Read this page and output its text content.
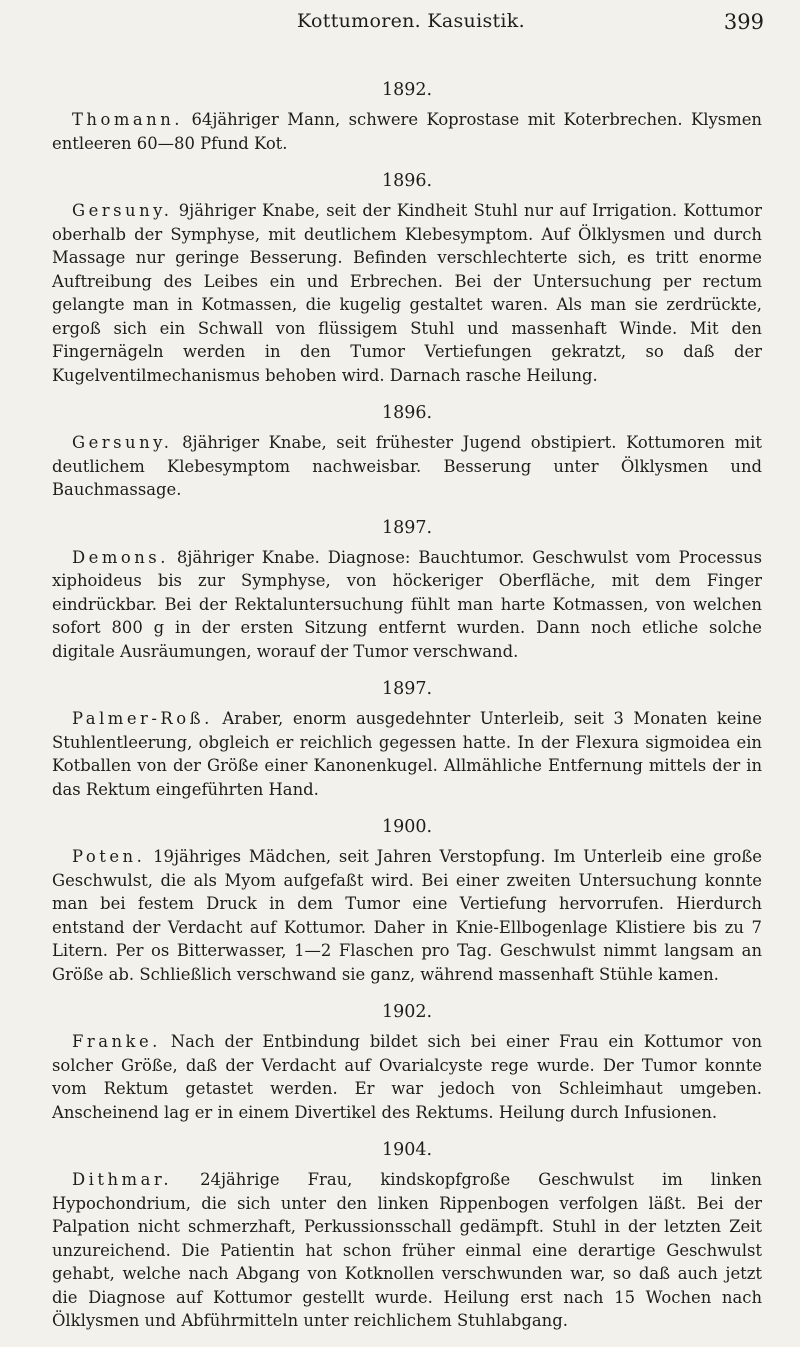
Kottumoren. Kasuistik.	399
1892.

Thomann. 64jähriger Mann, schwere Koprostase mit Koterbrechen. Klysmen entleeren 60—80 Pfund Kot.

1896.

Gersuny. 9jähriger Knabe, seit der Kindheit Stuhl nur auf Irrigation. Kottumor oberhalb der Symphyse, mit deutlichem Klebesymptom. Auf Ölklysmen und durch Massage nur geringe Besserung. Befinden verschlechterte sich, es tritt enorme Auftreibung des Leibes ein und Erbrechen. Bei der Untersuchung per rectum gelangte man in Kotmassen, die kugelig gestaltet waren. Als man sie zerdrückte, ergoß sich ein Schwall von flüssigem Stuhl und massenhaft Winde. Mit den Fingernägeln werden in den Tumor Vertiefungen gekratzt, so daß der Kugelventilmechanismus behoben wird. Darnach rasche Heilung.

1896.

Gersuny. 8jähriger Knabe, seit frühester Jugend obstipiert. Kottumoren mit deutlichem Klebesymptom nachweisbar. Besserung unter Ölklysmen und Bauchmassage.

1897.

Demons. 8jähriger Knabe. Diagnose: Bauchtumor. Geschwulst vom Processus xiphoideus bis zur Symphyse, von höckeriger Oberfläche, mit dem Finger eindrückbar. Bei der Rektaluntersuchung fühlt man harte Kotmassen, von welchen sofort 800 g in der ersten Sitzung entfernt wurden. Dann noch etliche solche digitale Ausräumungen, worauf der Tumor verschwand.

1897.

Palmer-Roß. Araber, enorm ausgedehnter Unterleib, seit 3 Monaten keine Stuhlentleerung, obgleich er reichlich gegessen hatte. In der Flexura sigmoidea ein Kotballen von der Größe einer Kanonenkugel. Allmähliche Entfernung mittels der in das Rektum eingeführten Hand.

1900.

Poten. 19jähriges Mädchen, seit Jahren Verstopfung. Im Unterleib eine große Geschwulst, die als Myom aufgefaßt wird. Bei einer zweiten Untersuchung konnte man bei festem Druck in dem Tumor eine Vertiefung hervorrufen. Hierdurch entstand der Verdacht auf Kottumor. Daher in Knie-Ellbogenlage Klistiere bis zu 7 Litern. Per os Bitterwasser, 1—2 Flaschen pro Tag. Geschwulst nimmt langsam an Größe ab. Schließlich verschwand sie ganz, während massenhaft Stühle kamen.

1902.

Franke. Nach der Entbindung bildet sich bei einer Frau ein Kottumor von solcher Größe, daß der Verdacht auf Ovarialcyste rege wurde. Der Tumor konnte vom Rektum getastet werden. Er war jedoch von Schleimhaut umgeben. Anscheinend lag er in einem Divertikel des Rektums. Heilung durch Infusionen.

1904.

Dithmar. 24jährige Frau, kindskopfgroße Geschwulst im linken Hypochondrium, die sich unter den linken Rippenbogen verfolgen läßt. Bei der Palpation nicht schmerzhaft, Perkussionsschall gedämpft. Stuhl in der letzten Zeit unzureichend. Die Patientin hat schon früher einmal eine derartige Geschwulst gehabt, welche nach Abgang von Kotknollen verschwunden war, so daß auch jetzt die Diagnose auf Kottumor gestellt wurde. Heilung erst nach 15 Wochen nach Ölklysmen und Abführmitteln unter reichlichem Stuhlabgang.
